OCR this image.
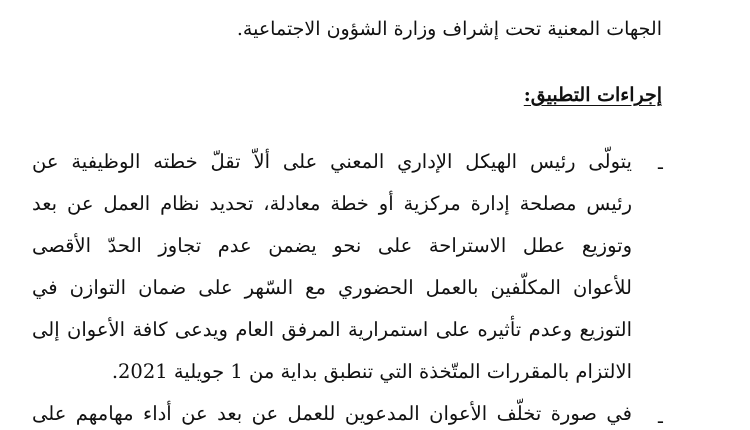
الجهات المعنية تحت إشراف وزارة الشؤون الاجتماعية.
إجراءات التطبيق:
-
يتولّى رئيس الهيكل الإداري المعني على ألاّ تقلّ خطته الوظيفية عن
رئيس مصلحة إدارة مركزية أو خطة معادلة، تحديد نظام العمل عن بعد
وتوزيع عطل الاستراحة على نحو يضمن عدم تجاوز الحدّ الأقصى
للأعوان المكلّفين بالعمل الحضوري مع السّهر على ضمان التوازن في
التوزيع وعدم تأثيره على استمرارية المرفق العام ويدعى كافة الأعوان إلى
الالتزام بالمقررات المتّخذة التي تنطبق بداية من 1 جويلية 2021.
-
في صورة تخلّف الأعوان المدعوين للعمل عن بعد عن أداء مهامهم على
